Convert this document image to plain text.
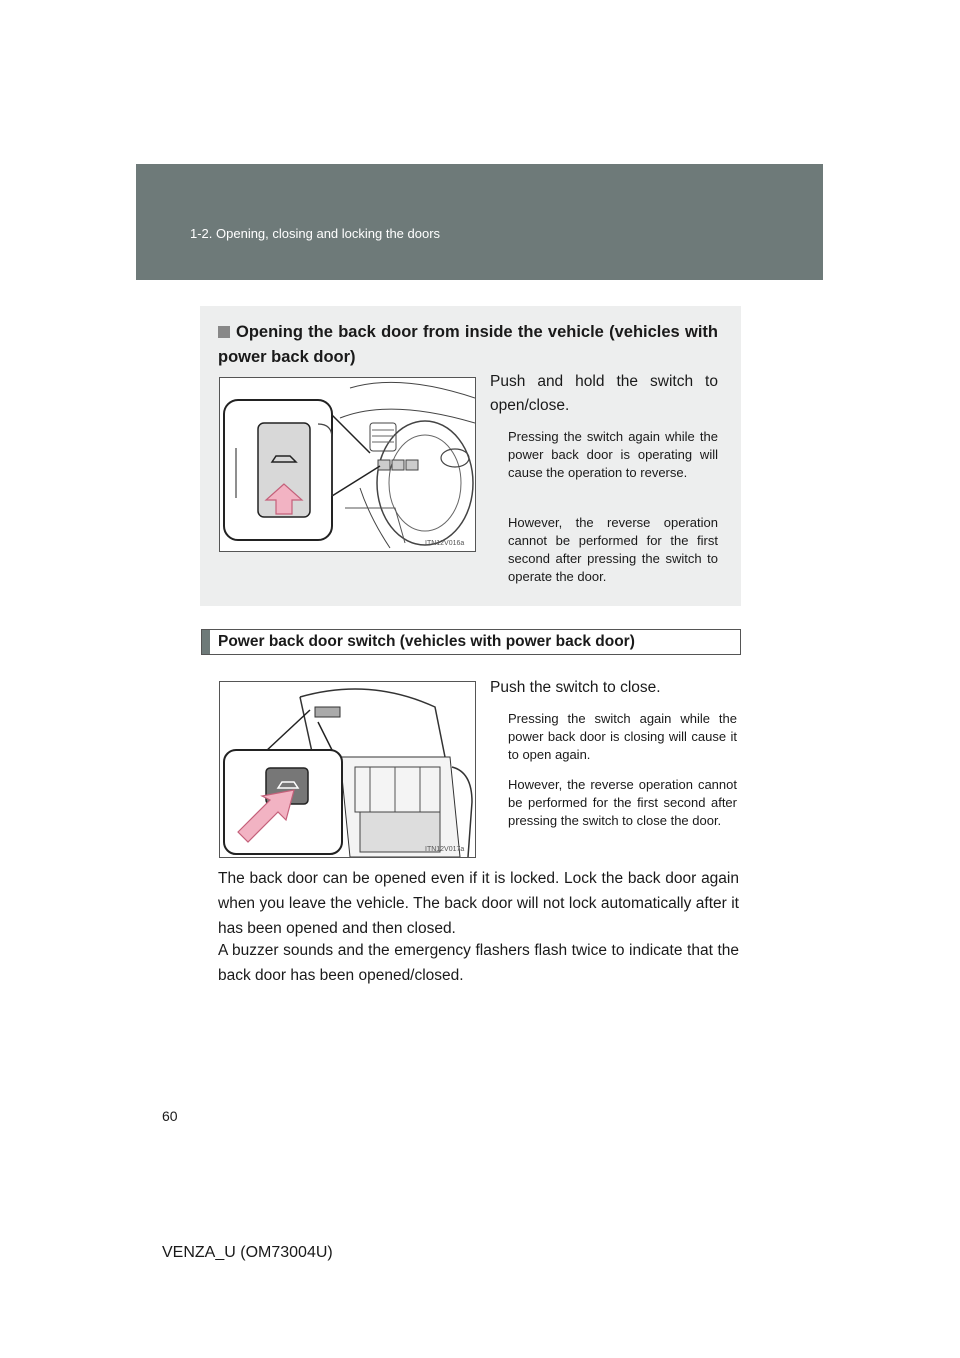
1-2. Opening, closing and locking the doors
Opening the back door from inside the vehicle (vehicles with power back door)
ITN12V016a
Push and hold the switch to open/close.
Pressing the switch again while the power back door is operating will cause the operation to reverse.
However, the reverse operation cannot be performed for the first second after pressing the switch to operate the door.
Power back door switch (vehicles with power back door)
ITN12V017a
Push the switch to close.
Pressing the switch again while the power back door is closing will cause it to open again.
However, the reverse operation cannot be performed for the first second after pressing the switch to close the door.
The back door can be opened even if it is locked. Lock the back door again when you leave the vehicle. The back door will not lock automatically after it has been opened and then closed.
A buzzer sounds and the emergency flashers flash twice to indicate that the back door has been opened/closed.
60
VENZA_U (OM73004U)
